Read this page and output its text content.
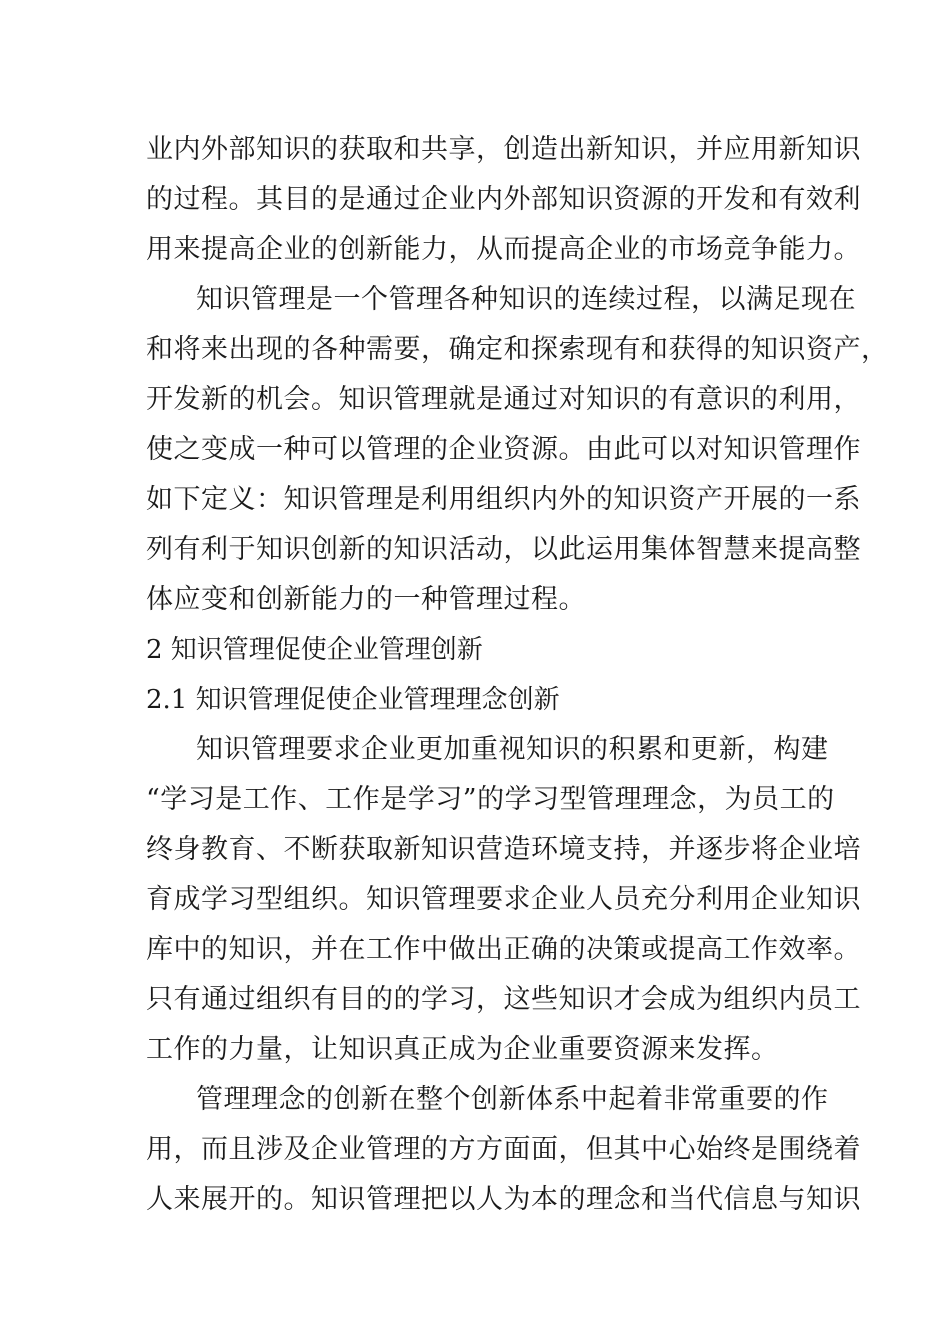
业内外部知识的获取和共享，创造出新知识，并应用新知识
的过程。其目的是通过企业内外部知识资源的开发和有效利
用来提高企业的创新能力，从而提高企业的市场竞争能力。
知识管理是一个管理各种知识的连续过程，以满足现在
和将来出现的各种需要，确定和探索现有和获得的知识资产，
开发新的机会。知识管理就是通过对知识的有意识的利用，
使之变成一种可以管理的企业资源。由此可以对知识管理作
如下定义：知识管理是利用组织内外的知识资产开展的一系
列有利于知识创新的知识活动，以此运用集体智慧来提高整
体应变和创新能力的一种管理过程。
2 知识管理促使企业管理创新
2.1 知识管理促使企业管理理念创新
知识管理要求企业更加重视知识的积累和更新，构建
“学习是工作、工作是学习”的学习型管理理念，为员工的
终身教育、不断获取新知识营造环境支持，并逐步将企业培
育成学习型组织。知识管理要求企业人员充分利用企业知识
库中的知识，并在工作中做出正确的决策或提高工作效率。
只有通过组织有目的的学习，这些知识才会成为组织内员工
工作的力量，让知识真正成为企业重要资源来发挥。
管理理念的创新在整个创新体系中起着非常重要的作
用，而且涉及企业管理的方方面面，但其中心始终是围绕着
人来展开的。知识管理把以人为本的理念和当代信息与知识
